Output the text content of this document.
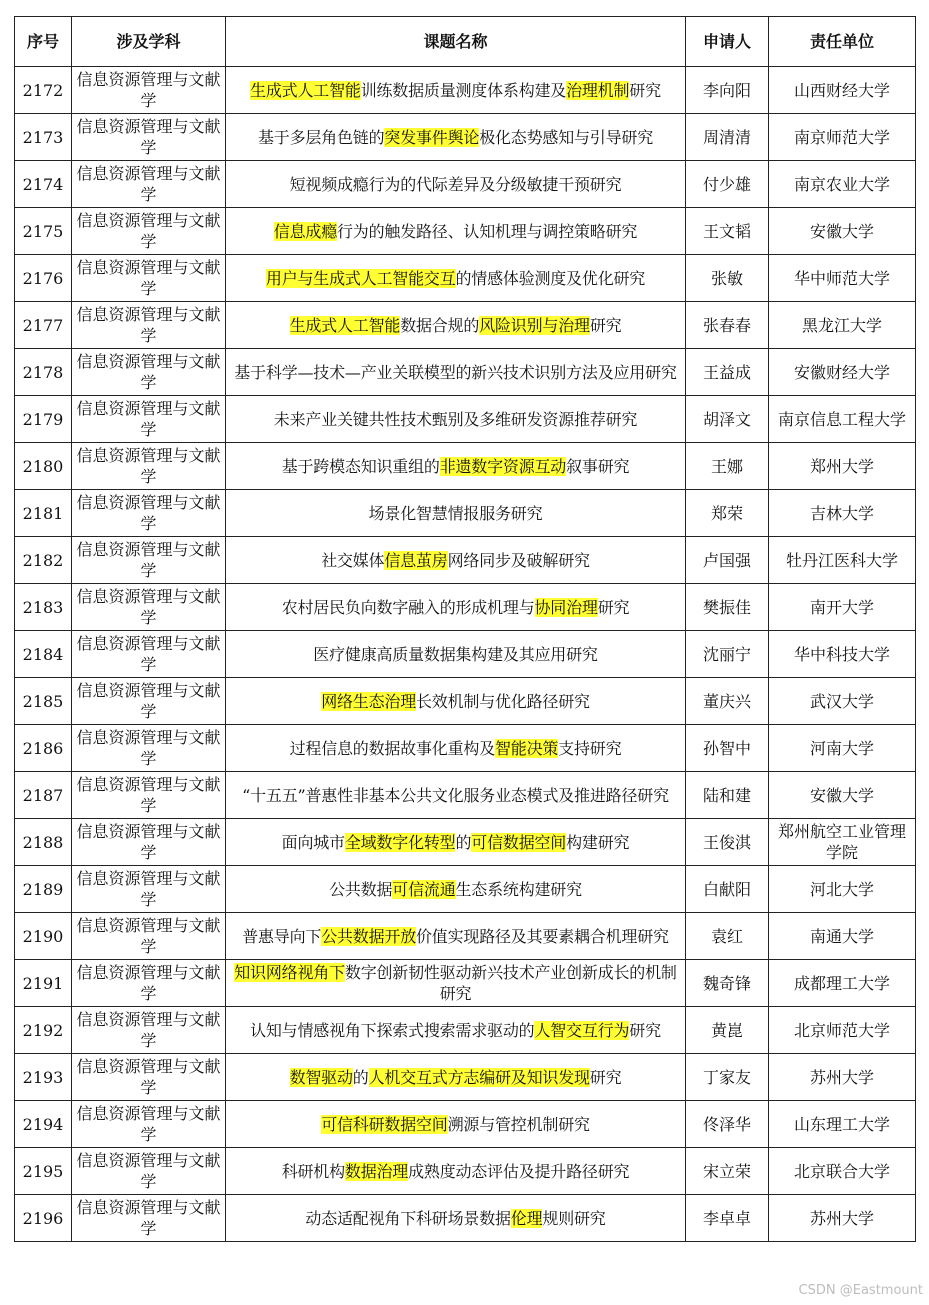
序号	涉及学科	课题名称	申请人	责任单位
2172	信息资源管理与文献学	生成式人工智能训练数据质量测度体系构建及治理机制研究	李向阳	山西财经大学
2173	信息资源管理与文献学	基于多层角色链的突发事件舆论极化态势感知与引导研究	周清清	南京师范大学
2174	信息资源管理与文献学	短视频成瘾行为的代际差异及分级敏捷干预研究	付少雄	南京农业大学
2175	信息资源管理与文献学	信息成瘾行为的触发路径、认知机理与调控策略研究	王文韬	安徽大学
2176	信息资源管理与文献学	用户与生成式人工智能交互的情感体验测度及优化研究	张敏	华中师范大学
2177	信息资源管理与文献学	生成式人工智能数据合规的风险识别与治理研究	张春春	黑龙江大学
2178	信息资源管理与文献学	基于科学—技术—产业关联模型的新兴技术识别方法及应用研究	王益成	安徽财经大学
2179	信息资源管理与文献学	未来产业关键共性技术甄别及多维研发资源推荐研究	胡泽文	南京信息工程大学
2180	信息资源管理与文献学	基于跨模态知识重组的非遗数字资源互动叙事研究	王娜	郑州大学
2181	信息资源管理与文献学	场景化智慧情报服务研究	郑荣	吉林大学
2182	信息资源管理与文献学	社交媒体信息茧房网络同步及破解研究	卢国强	牡丹江医科大学
2183	信息资源管理与文献学	农村居民负向数字融入的形成机理与协同治理研究	樊振佳	南开大学
2184	信息资源管理与文献学	医疗健康高质量数据集构建及其应用研究	沈丽宁	华中科技大学
2185	信息资源管理与文献学	网络生态治理长效机制与优化路径研究	董庆兴	武汉大学
2186	信息资源管理与文献学	过程信息的数据故事化重构及智能决策支持研究	孙智中	河南大学
2187	信息资源管理与文献学	“十五五”普惠性非基本公共文化服务业态模式及推进路径研究	陆和建	安徽大学
2188	信息资源管理与文献学	面向城市全域数字化转型的可信数据空间构建研究	王俊淇	郑州航空工业管理学院
2189	信息资源管理与文献学	公共数据可信流通生态系统构建研究	白献阳	河北大学
2190	信息资源管理与文献学	普惠导向下公共数据开放价值实现路径及其要素耦合机理研究	袁红	南通大学
2191	信息资源管理与文献学	知识网络视角下数字创新韧性驱动新兴技术产业创新成长的机制研究	魏奇锋	成都理工大学
2192	信息资源管理与文献学	认知与情感视角下探索式搜索需求驱动的人智交互行为研究	黄崑	北京师范大学
2193	信息资源管理与文献学	数智驱动的人机交互式方志编研及知识发现研究	丁家友	苏州大学
2194	信息资源管理与文献学	可信科研数据空间溯源与管控机制研究	佟泽华	山东理工大学
2195	信息资源管理与文献学	科研机构数据治理成熟度动态评估及提升路径研究	宋立荣	北京联合大学
2196	信息资源管理与文献学	动态适配视角下科研场景数据伦理规则研究	李卓卓	苏州大学
CSDN @Eastmount
